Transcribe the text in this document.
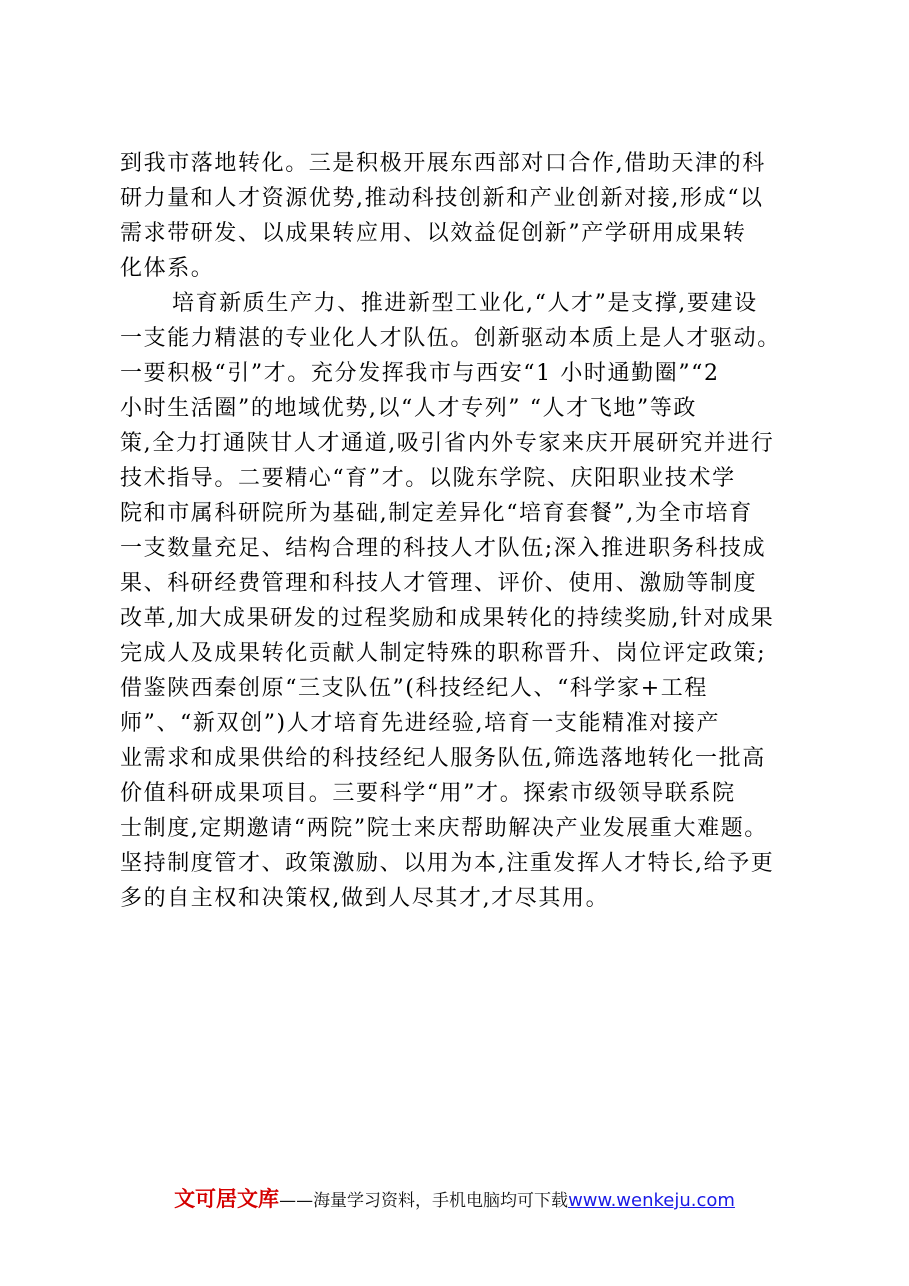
到我市落地转化。三是积极开展东西部对口合作,借助天津的科
研力量和人才资源优势,推动科技创新和产业创新对接,形成“以
需求带研发、以成果转应用、以效益促创新”产学研用成果转
化体系。
培育新质生产力、推进新型工业化,“人才”是支撑,要建设
一支能力精湛的专业化人才队伍。创新驱动本质上是人才驱动。
一要积极“引”才。充分发挥我市与西安“1 小时通勤圈”“2
小时生活圈”的地域优势,以“人才专列” “人才飞地”等政
策,全力打通陕甘人才通道,吸引省内外专家来庆开展研究并进行
技术指导。二要精心“育”才。以陇东学院、庆阳职业技术学
院和市属科研院所为基础,制定差异化“培育套餐”,为全市培育
一支数量充足、结构合理的科技人才队伍;深入推进职务科技成
果、科研经费管理和科技人才管理、评价、使用、激励等制度
改革,加大成果研发的过程奖励和成果转化的持续奖励,针对成果
完成人及成果转化贡献人制定特殊的职称晋升、岗位评定政策;
借鉴陕西秦创原“三支队伍”(科技经纪人、“科学家+工程
师”、“新双创”)人才培育先进经验,培育一支能精准对接产
业需求和成果供给的科技经纪人服务队伍,筛选落地转化一批高
价值科研成果项目。三要科学“用”才。探索市级领导联系院
士制度,定期邀请“两院”院士来庆帮助解决产业发展重大难题。
坚持制度管才、政策激励、以用为本,注重发挥人才特长,给予更
多的自主权和决策权,做到人尽其才,才尽其用。
文可居文库——海量学习资料，手机电脑均可下载www.wenkeju.com
